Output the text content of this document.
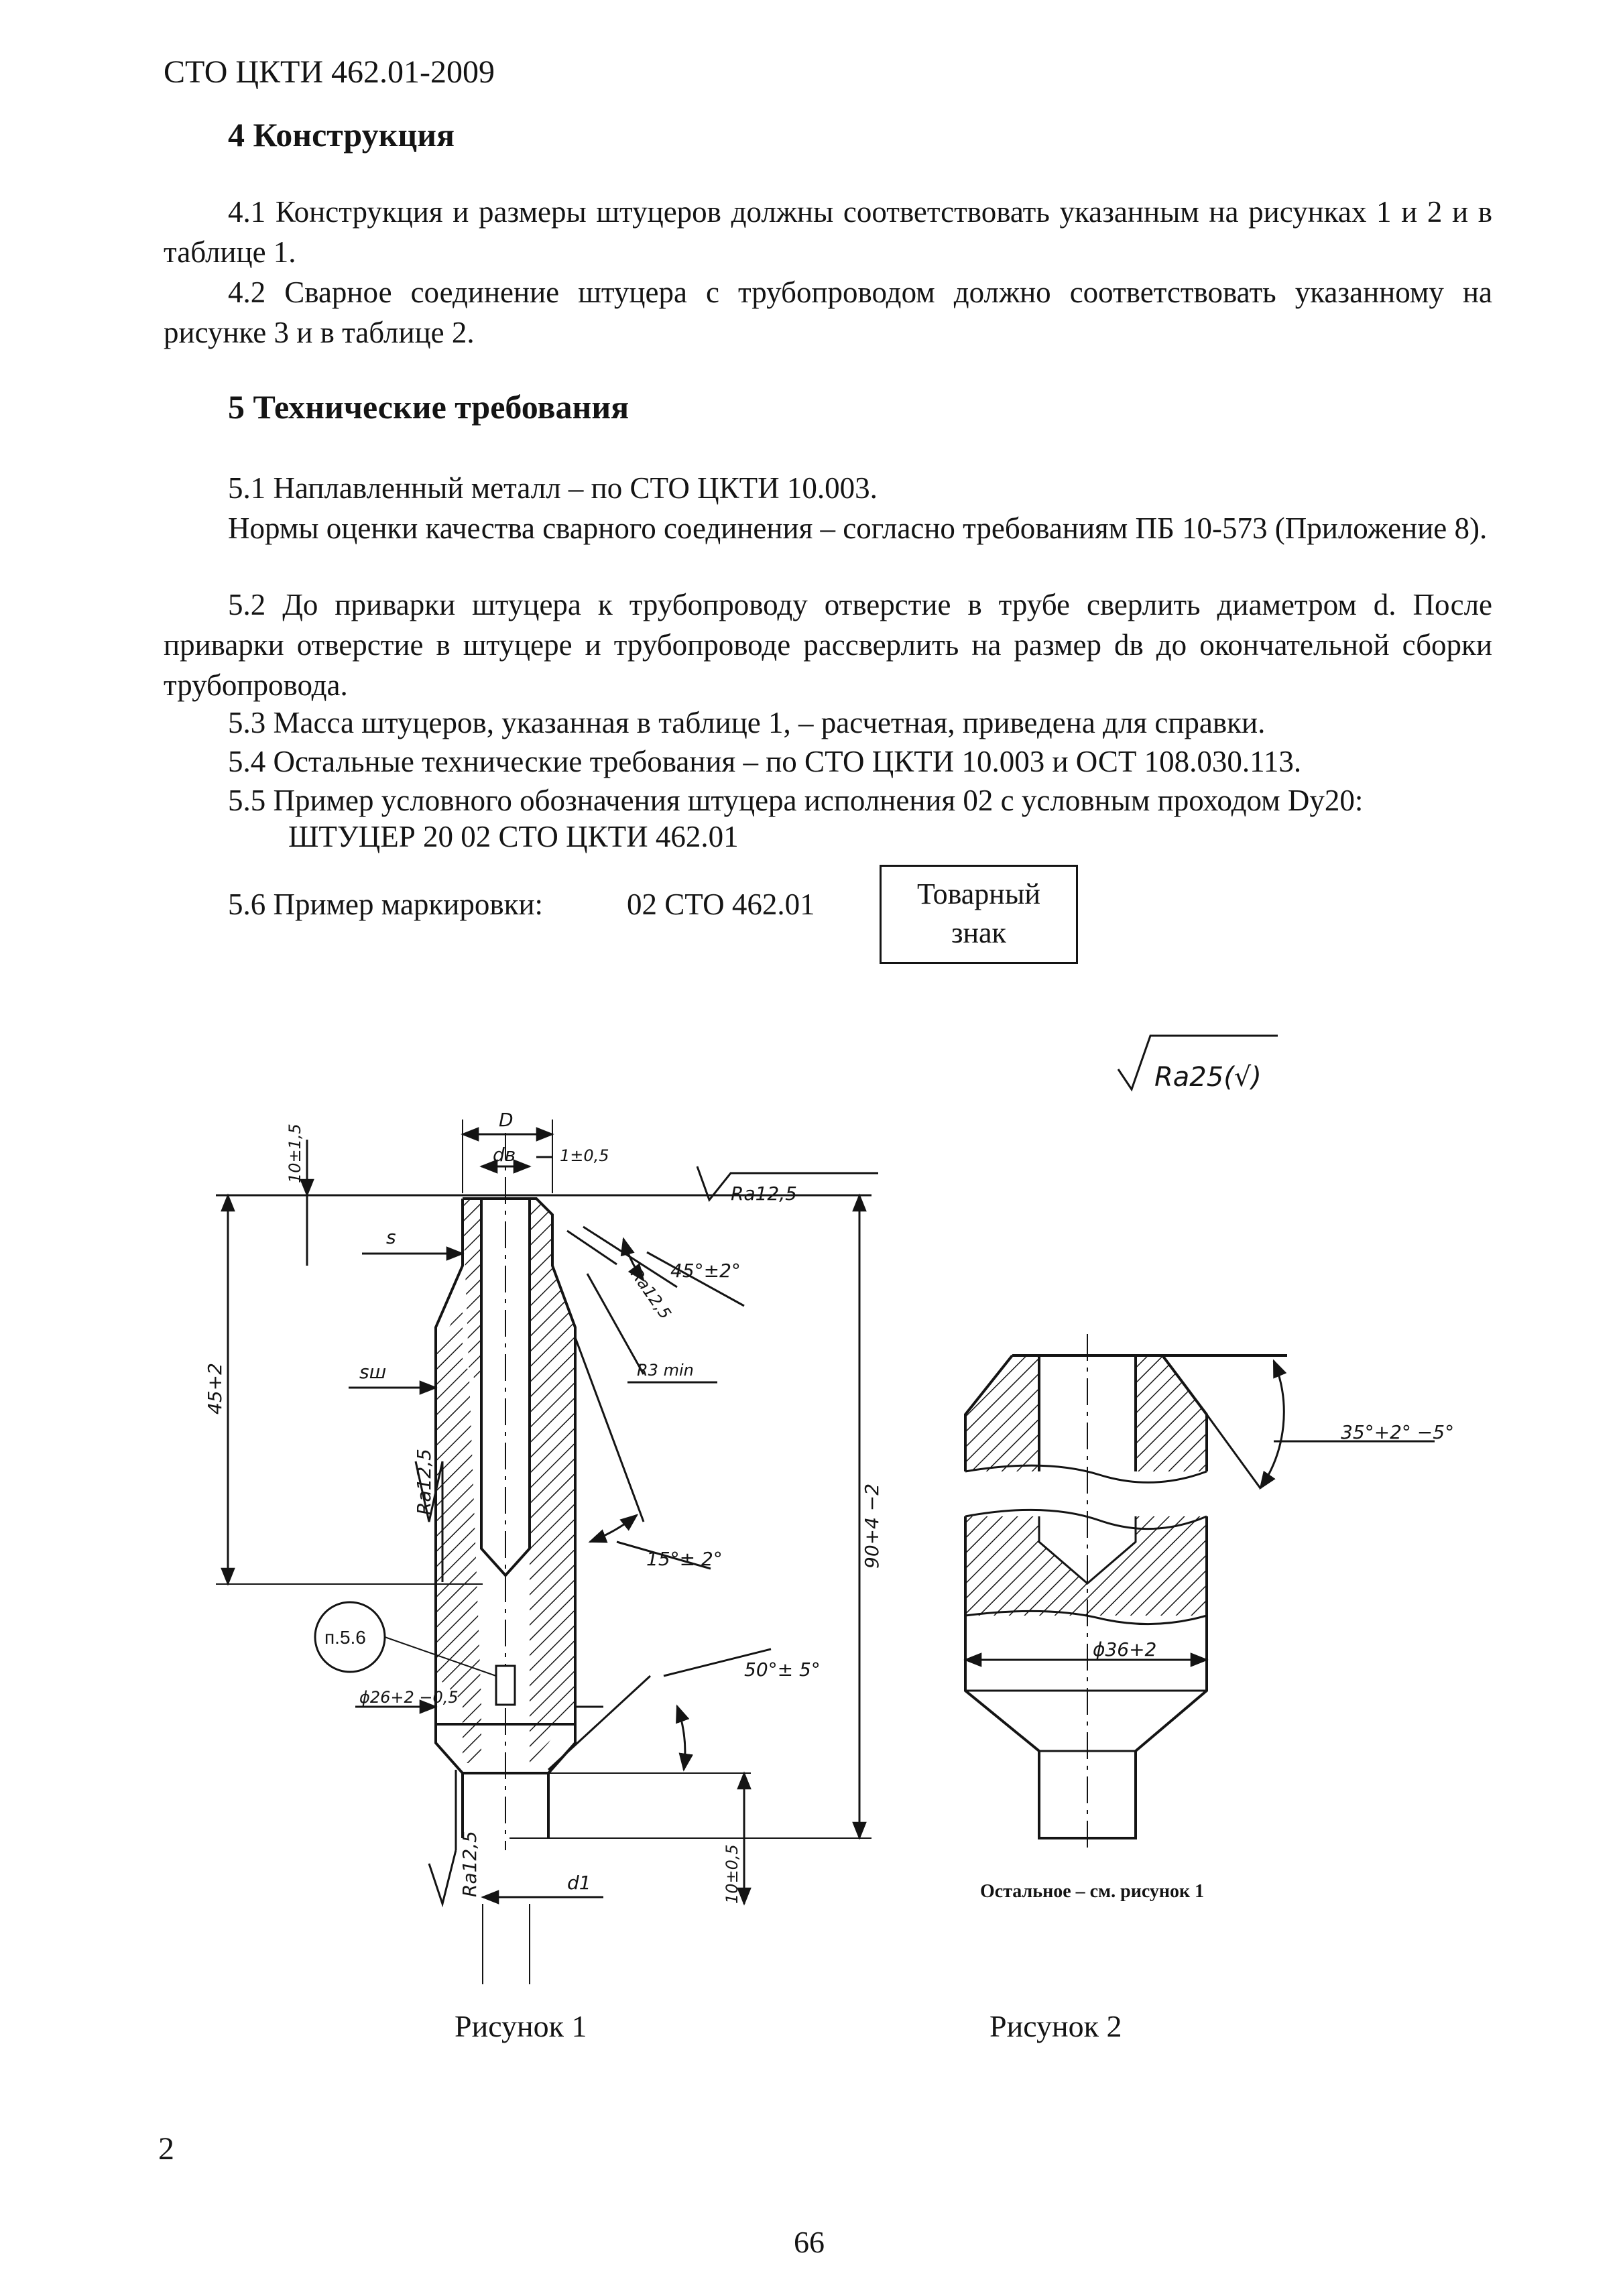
СТО ЦКТИ 462.01-2009
4 Конструкция
4.1 Конструкция и размеры штуцеров должны соответствовать указанным на рисунках 1 и 2 и в таблице 1.
4.2 Сварное соединение штуцера с трубопроводом должно соответствовать указанному на рисунке 3 и в таблице 2.
5 Технические требования
5.1 Наплавленный металл – по СТО ЦКТИ 10.003.
Нормы оценки качества сварного соединения – согласно требованиям ПБ 10-573 (Приложение 8).
5.2 До приварки штуцера к трубопроводу отверстие в трубе сверлить диаметром d. После приварки отверстие в штуцере и трубопроводе рассверлить на размер dв до окончательной сборки трубопровода.
5.3 Масса штуцеров, указанная в таблице 1, – расчетная, приведена для справки.
5.4 Остальные технические требования – по СТО ЦКТИ 10.003 и ОСТ 108.030.113.
5.5 Пример условного обозначения штуцера исполнения 02 с условным проходом Dу20:
ШТУЦЕР 20 02 СТО ЦКТИ 462.01
5.6 Пример маркировки:	02 СТО 462.01	Товарный
знак
D
dв	1±0,5
10±1,5
Ra12,5
s
45°±2°
Ra12,5
R3 min
sш
45+2
Ra12,5
15°± 2°	90+4 −2
п.5.6
50°± 5°
ϕ26+2 −0,5
Ra12,5	d1	10±0,5
Ra25(√)
35°+2° −5°
ϕ36+2
Остальное – см. рисунок 1
Рисунок 1	Рисунок 2
2
66
